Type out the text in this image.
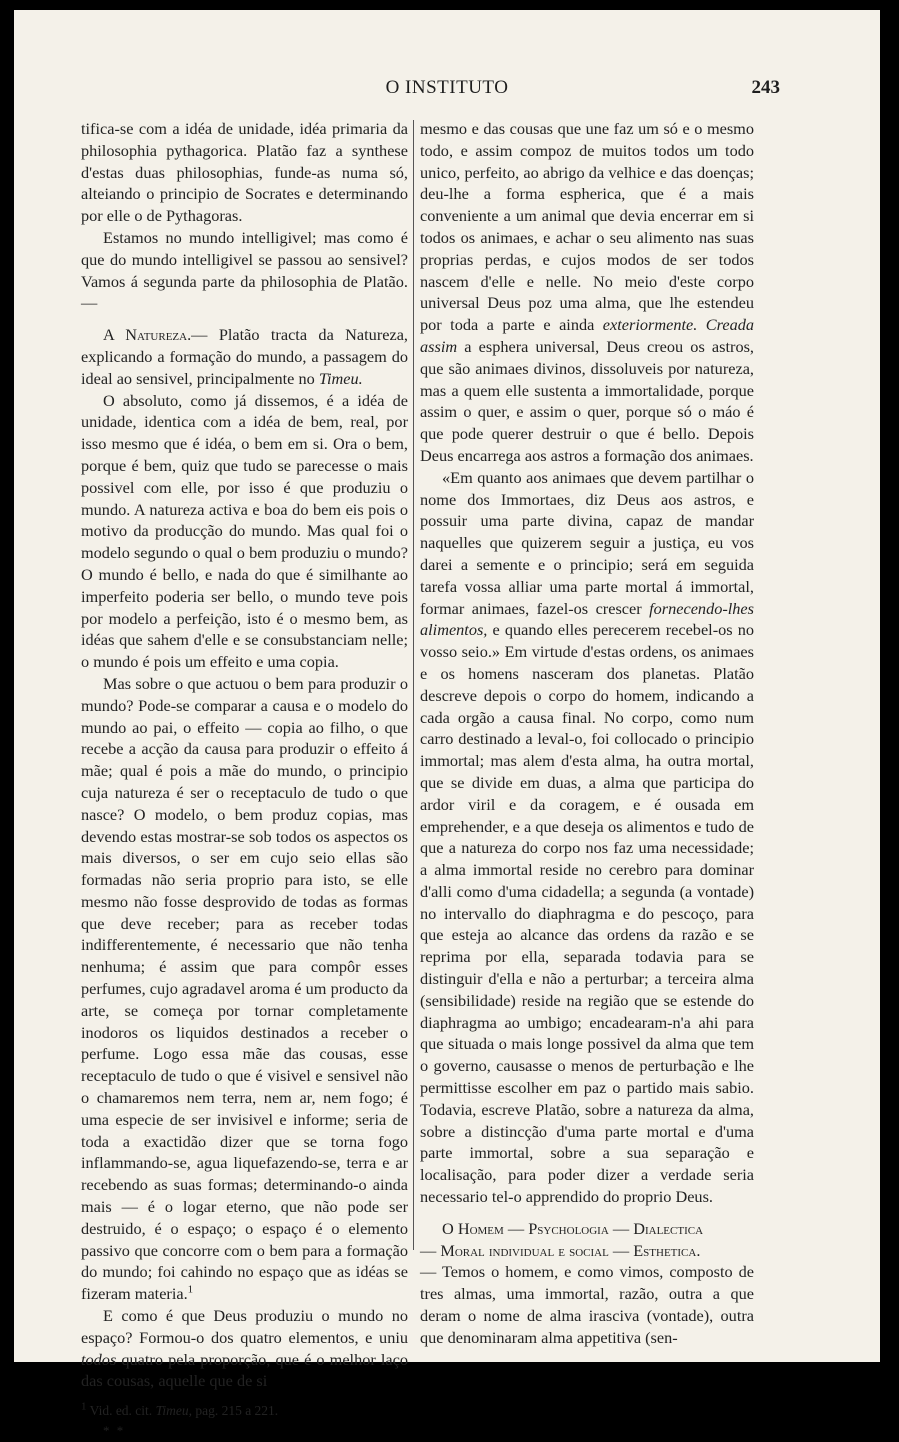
O INSTITUTO	243

tifica-se com a idéa de unidade, idéa primaria da philosophia pythagorica. Platão faz a synthese d'estas duas philosophias, funde-as numa só, alteiando o principio de Socrates e determinando por elle o de Pythagoras.

Estamos no mundo intelligivel; mas como é que do mundo intelligivel se passou ao sensivel? Vamos á segunda parte da philosophia de Platão.—

A Natureza.— Platão tracta da Natureza, explicando a formação do mundo, a passagem do ideal ao sensivel, principalmente no Timeu.

O absoluto, como já dissemos, é a idéa de unidade, identica com a idéa de bem, real, por isso mesmo que é idéa, o bem em si. Ora o bem, porque é bem, quiz que tudo se parecesse o mais possivel com elle, por isso é que produziu o mundo. A natureza activa e boa do bem eis pois o motivo da producção do mundo. Mas qual foi o modelo segundo o qual o bem produziu o mundo? O mundo é bello, e nada do que é similhante ao imperfeito poderia ser bello, o mundo teve pois por modelo a perfeição, isto é o mesmo bem, as idéas que sahem d'elle e se consubstanciam nelle; o mundo é pois um effeito e uma copia.

Mas sobre o que actuou o bem para produzir o mundo? Pode-se comparar a causa e o modelo do mundo ao pai, o effeito — copia ao filho, o que recebe a acção da causa para produzir o effeito á mãe; qual é pois a mãe do mundo, o principio cuja natureza é ser o receptaculo de tudo o que nasce? O modelo, o bem produz copias, mas devendo estas mostrar-se sob todos os aspectos os mais diversos, o ser em cujo seio ellas são formadas não seria proprio para isto, se elle mesmo não fosse desprovido de todas as formas que deve receber; para as receber todas indifferentemente, é necessario que não tenha nenhuma; é assim que para compôr esses perfumes, cujo agradavel aroma é um producto da arte, se começa por tornar completamente inodoros os liquidos destinados a receber o perfume. Logo essa mãe das cousas, esse receptaculo de tudo o que é visivel e sensivel não o chamaremos nem terra, nem ar, nem fogo; é uma especie de ser invisivel e informe; seria de toda a exactidão dizer que se torna fogo inflammando-se, agua liquefazendo-se, terra e ar recebendo as suas formas; determinando-o ainda mais — é o logar eterno, que não pode ser destruido, é o espaço; o espaço é o elemento passivo que concorre com o bem para a formação do mundo; foi cahindo no espaço que as idéas se fizeram materia.$^1$

E como é que Deus produziu o mundo no espaço? Formou-o dos quatro elementos, e uniu todos quatro pela proporção, que é o melhor laço das cousas, aquelle que de si

$^1$ Vid. ed. cit. Timeu, pag. 215 a 221.

* *

mesmo e das cousas que une faz um só e o mesmo todo, e assim compoz de muitos todos um todo unico, perfeito, ao abrigo da velhice e das doenças; deu-lhe a forma espherica, que é a mais conveniente a um animal que devia encerrar em si todos os animaes, e achar o seu alimento nas suas proprias perdas, e cujos modos de ser todos nascem d'elle e nelle. No meio d'este corpo universal Deus poz uma alma, que lhe estendeu por toda a parte e ainda exteriormente. Creada assim a esphera universal, Deus creou os astros, que são animaes divinos, dissoluveis por natureza, mas a quem elle sustenta a immortalidade, porque assim o quer, e assim o quer, porque só o máo é que pode querer destruir o que é bello. Depois Deus encarrega aos astros a formação dos animaes.

«Em quanto aos animaes que devem partilhar o nome dos Immortaes, diz Deus aos astros, e possuir uma parte divina, capaz de mandar naquelles que quizerem seguir a justiça, eu vos darei a semente e o principio; será em seguida tarefa vossa alliar uma parte mortal á immortal, formar animaes, fazel-os crescer fornecendo-lhes alimentos, e quando elles perecerem recebel-os no vosso seio.» Em virtude d'estas ordens, os animaes e os homens nasceram dos planetas. Platão descreve depois o corpo do homem, indicando a cada orgão a causa final. No corpo, como num carro destinado a leval-o, foi collocado o principio immortal; mas alem d'esta alma, ha outra mortal, que se divide em duas, a alma que participa do ardor viril e da coragem, e é ousada em emprehender, e a que deseja os alimentos e tudo de que a natureza do corpo nos faz uma necessidade; a alma immortal reside no cerebro para dominar d'alli como d'uma cidadella; a segunda (a vontade) no intervallo do diaphragma e do pescoço, para que esteja ao alcance das ordens da razão e se reprima por ella, separada todavia para se distinguir d'ella e não a perturbar; a terceira alma (sensibilidade) reside na região que se estende do diaphragma ao umbigo; encadearam-n'a ahi para que situada o mais longe possivel da alma que tem o governo, causasse o menos de perturbação e lhe permittisse escolher em paz o partido mais sabio. Todavia, escreve Platão, sobre a natureza da alma, sobre a distincção d'uma parte mortal e d'uma parte immortal, sobre a sua separação e localisação, para poder dizer a verdade seria necessario tel-o apprendido do proprio Deus.

O Homem — Psychologia — Dialectica
— Moral individual e social — Esthetica.

— Temos o homem, e como vimos, composto de tres almas, uma immortal, razão, outra a que deram o nome de alma irasciva (vontade), outra que denominaram alma appetitiva (sen-
